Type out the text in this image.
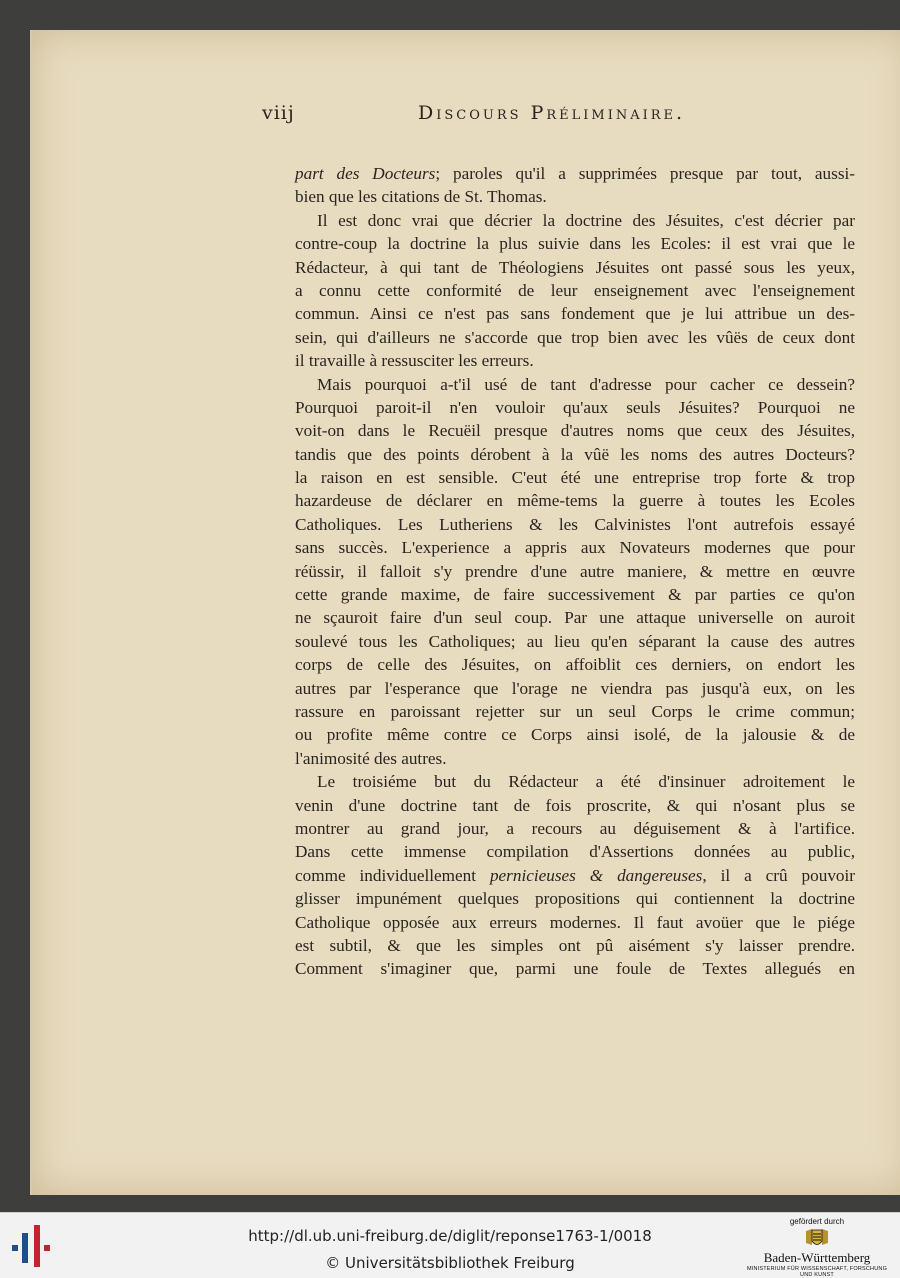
viij	Discours Préliminaire.
part des Docteurs; paroles qu'il a supprimées presque par tout, aussi-
bien que les citations de St. Thomas.
Il est donc vrai que décrier la doctrine des Jésuites, c'est décrier par
contre-coup la doctrine la plus suivie dans les Ecoles: il est vrai que le
Rédacteur, à qui tant de Théologiens Jésuites ont passé sous les yeux,
a connu cette conformité de leur enseignement avec l'enseignement
commun. Ainsi ce n'est pas sans fondement que je lui attribue un des-
sein, qui d'ailleurs ne s'accorde que trop bien avec les vûës de ceux dont
il travaille à ressusciter les erreurs.
Mais pourquoi a-t'il usé de tant d'adresse pour cacher ce dessein?
Pourquoi paroit-il n'en vouloir qu'aux seuls Jésuites? Pourquoi ne
voit-on dans le Recuëil presque d'autres noms que ceux des Jésuites,
tandis que des points dérobent à la vûë les noms des autres Docteurs?
la raison en est sensible. C'eut été une entreprise trop forte & trop
hazardeuse de déclarer en même-tems la guerre à toutes les Ecoles
Catholiques. Les Lutheriens & les Calvinistes l'ont autrefois essayé
sans succès. L'experience a appris aux Novateurs modernes que pour
réüssir, il falloit s'y prendre d'une autre maniere, & mettre en œuvre
cette grande maxime, de faire successivement & par parties ce qu'on
ne sçauroit faire d'un seul coup. Par une attaque universelle on auroit
soulevé tous les Catholiques; au lieu qu'en séparant la cause des autres
corps de celle des Jésuites, on affoiblit ces derniers, on endort les
autres par l'esperance que l'orage ne viendra pas jusqu'à eux, on les
rassure en paroissant rejetter sur un seul Corps le crime commun;
ou profite même contre ce Corps ainsi isolé, de la jalousie & de
l'animosité des autres.
Le troisiéme but du Rédacteur a été d'insinuer adroitement le
venin d'une doctrine tant de fois proscrite, & qui n'osant plus se
montrer au grand jour, a recours au déguisement & à l'artifice.
Dans cette immense compilation d'Assertions données au public,
comme individuellement pernicieuses & dangereuses, il a crû pouvoir
glisser impunément quelques propositions qui contiennent la doctrine
Catholique opposée aux erreurs modernes. Il faut avoüer que le piége
est subtil, & que les simples ont pû aisément s'y laisser prendre.
Comment s'imaginer que, parmi une foule de Textes allegués en
http://dl.ub.uni-freiburg.de/diglit/reponse1763-1/0018
© Universitätsbibliothek Freiburg
gefördert durch
Baden-Württemberg
MINISTERIUM FÜR WISSENSCHAFT, FORSCHUNG UND KUNST
